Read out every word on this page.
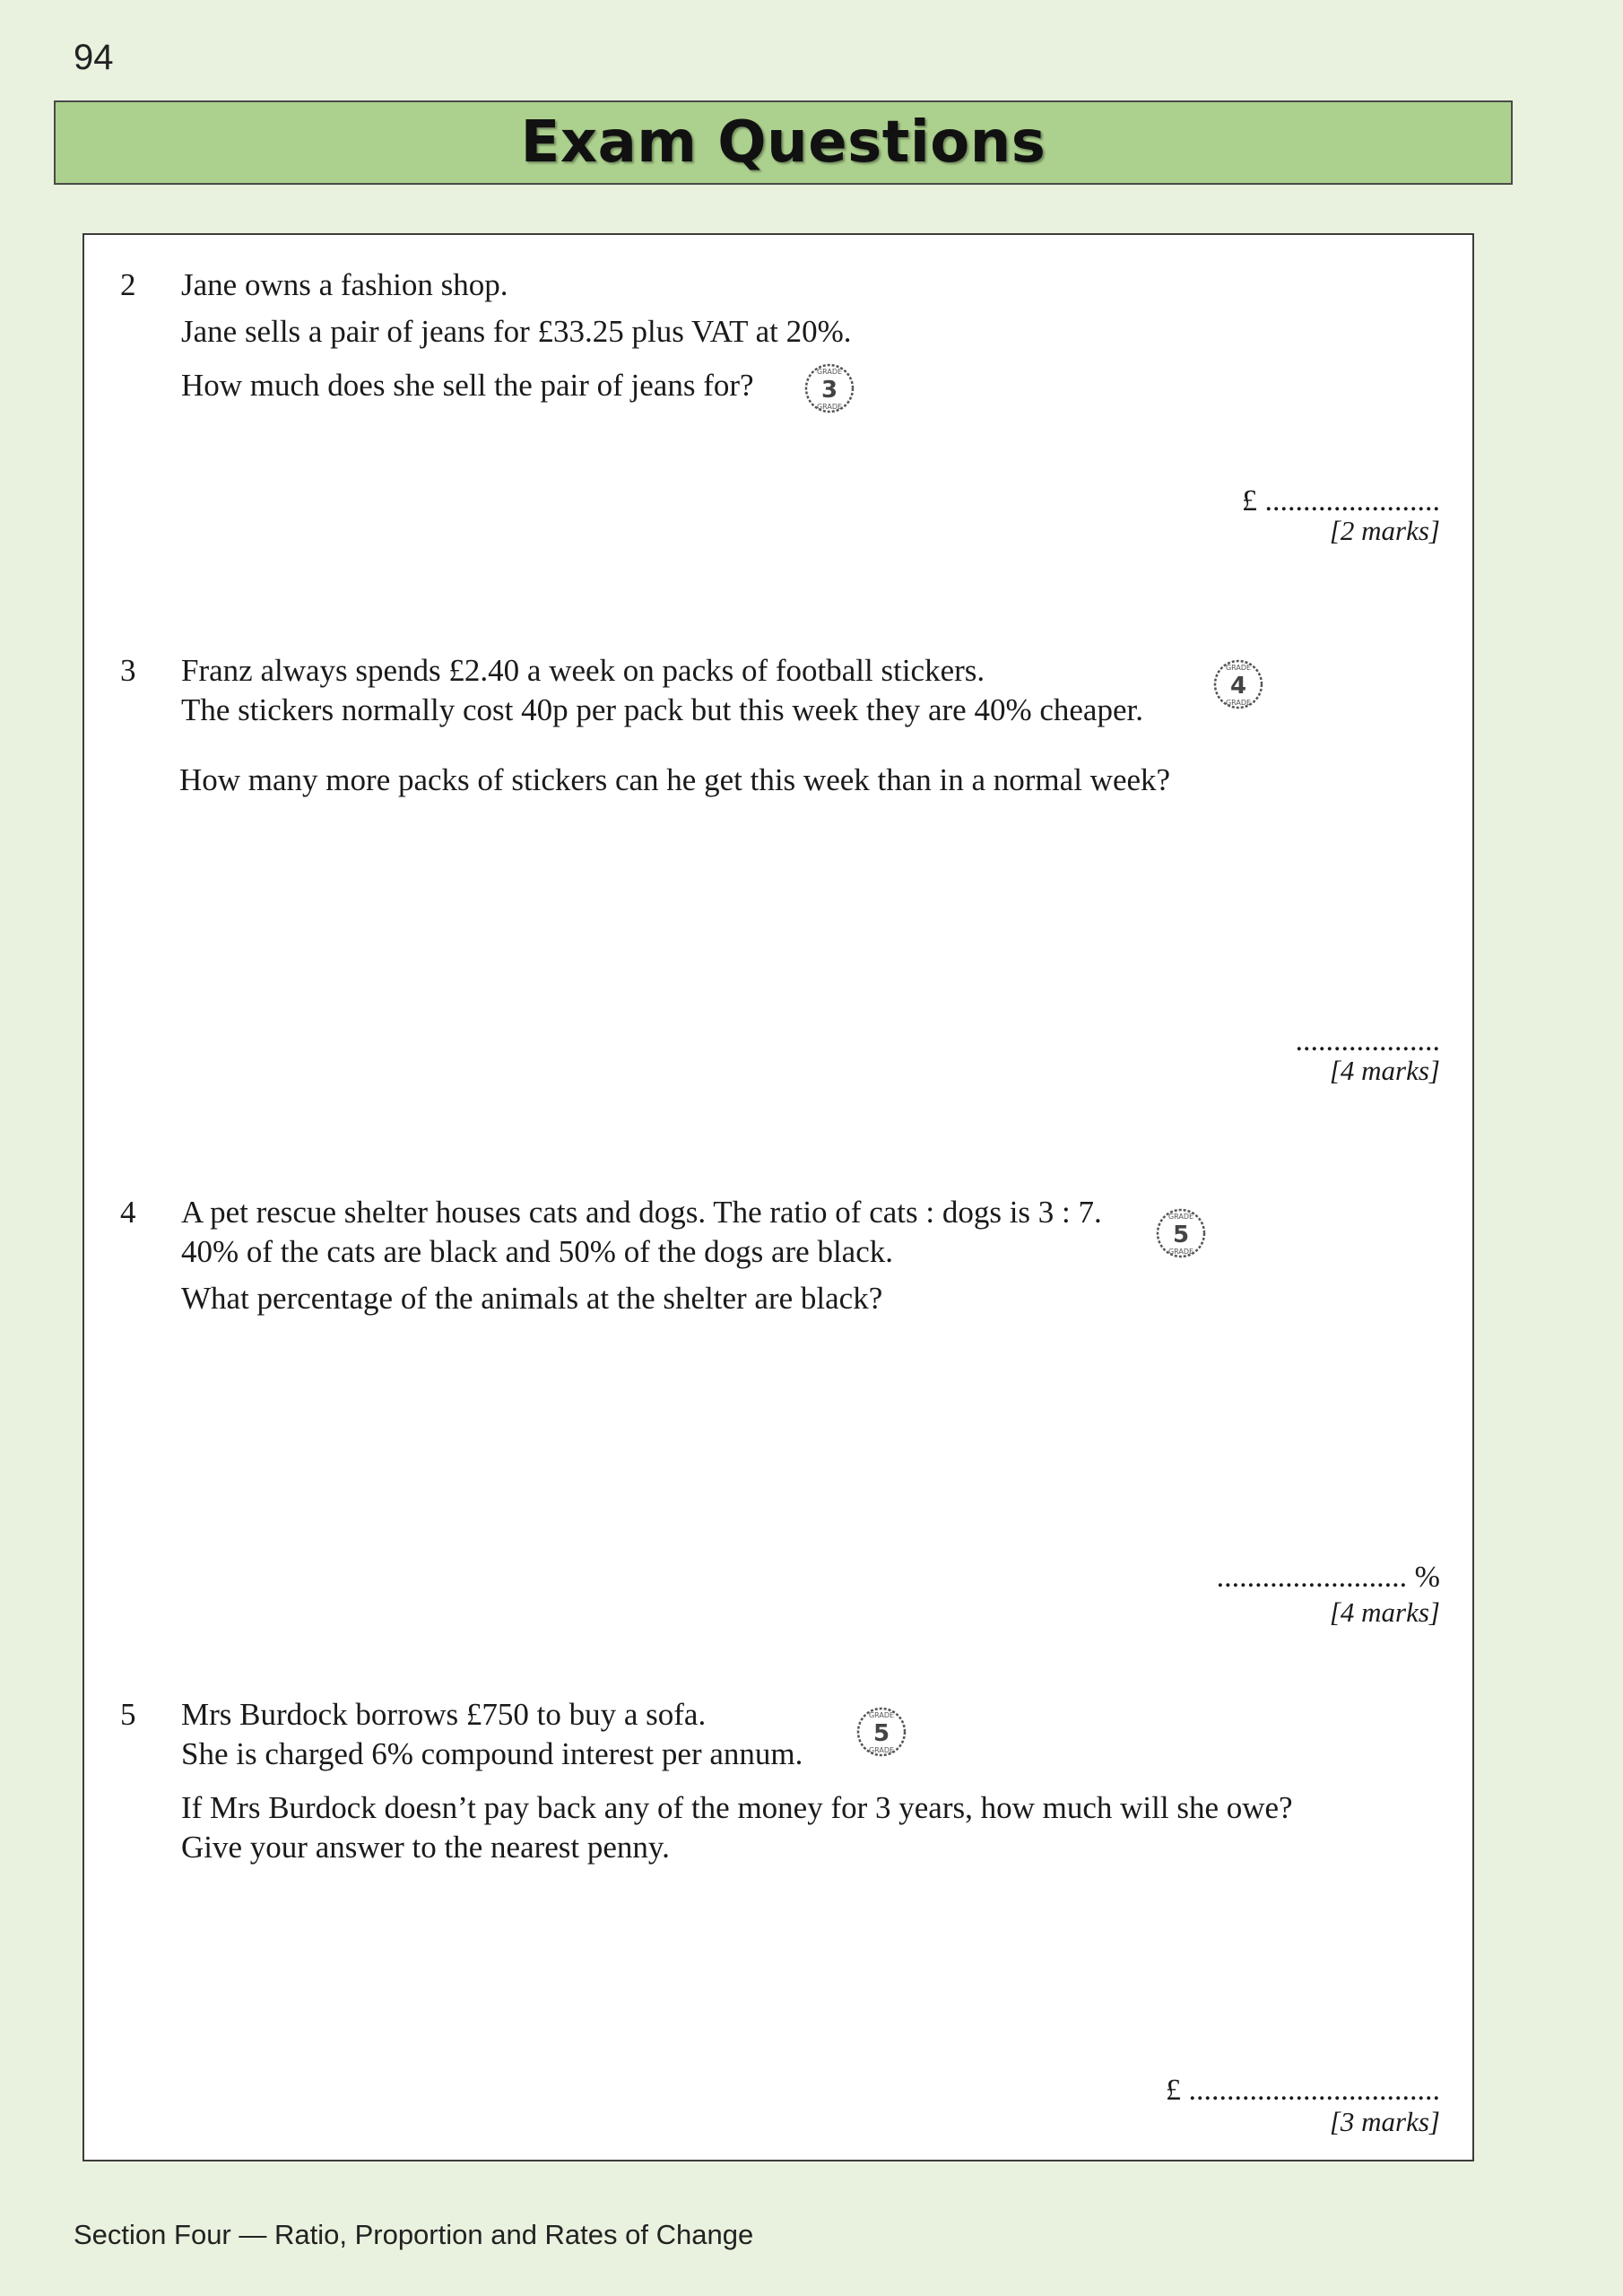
94
Exam Questions
2 Jane owns a fashion shop.
Jane sells a pair of jeans for £33.25 plus VAT at 20%.
How much does she sell the pair of jeans for?	GRADE
GRADE
3
£ .......................
[2 marks]
3 Franz always spends £2.40 a week on packs of football stickers.
The stickers normally cost 40p per pack but this week they are 40% cheaper.
GRADE
GRADE
4
How many more packs of stickers can he get this week than in a normal week?
...................
[4 marks]
4 A pet rescue shelter houses cats and dogs. The ratio of cats : dogs is 3 : 7.
40% of the cats are black and 50% of the dogs are black.
What percentage of the animals at the shelter are black?
GRADE
GRADE
5
......................... %
[4 marks]
5 Mrs Burdock borrows £750 to buy a sofa.
She is charged 6% compound interest per annum.
GRADE
GRADE
5
If Mrs Burdock doesn’t pay back any of the money for 3 years, how much will she owe?
Give your answer to the nearest penny.
£ .................................
[3 marks]
Section Four — Ratio, Proportion and Rates of Change
